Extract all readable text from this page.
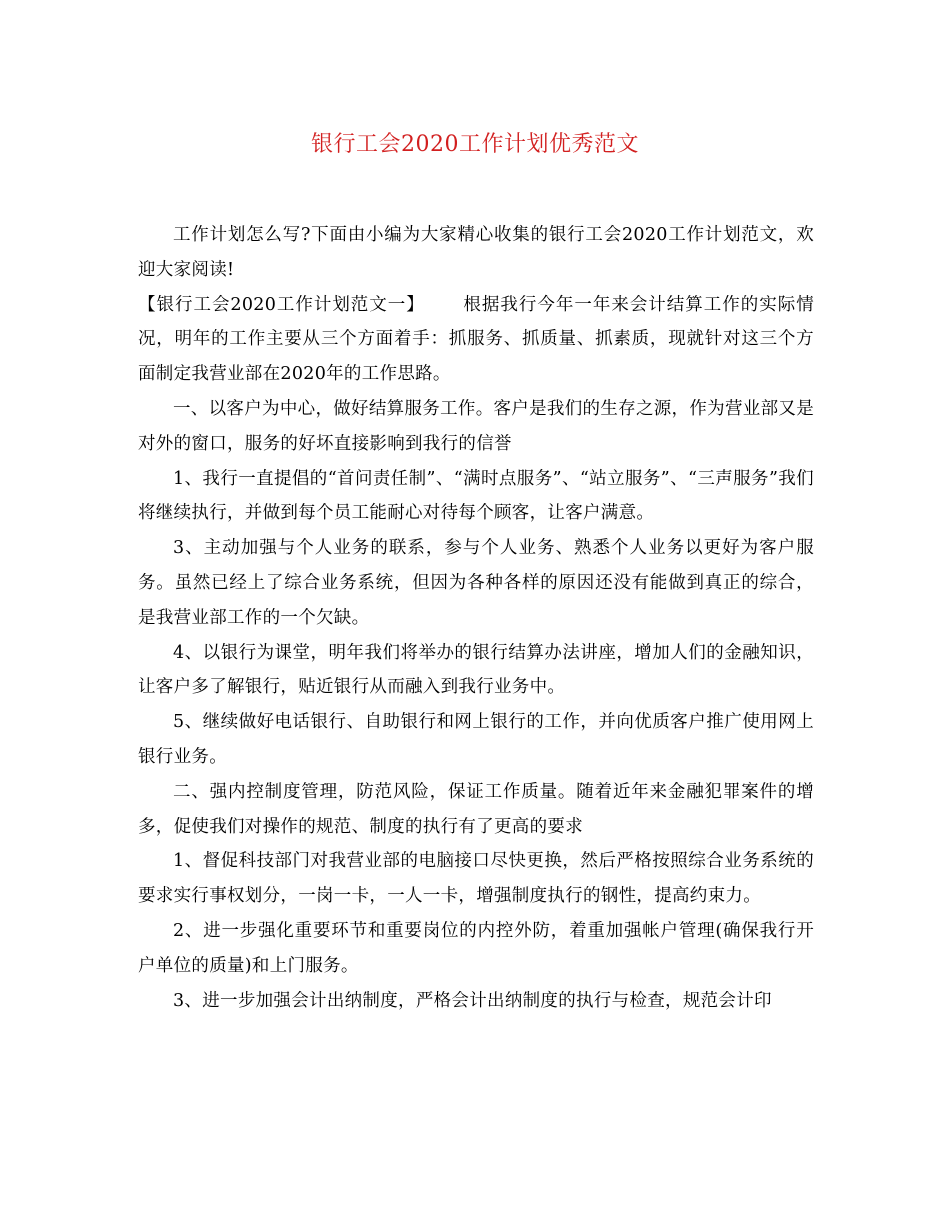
银行工会2020工作计划优秀范文

工作计划怎么写?下面由小编为大家精心收集的银行工会2020工作计划范文，欢迎大家阅读!

【银行工会2020工作计划范文一】 根据我行今年一年来会计结算工作的实际情况，明年的工作主要从三个方面着手：抓服务、抓质量、抓素质，现就针对这三个方面制定我营业部在2020年的工作思路。

一、以客户为中心，做好结算服务工作。客户是我们的生存之源，作为营业部又是对外的窗口，服务的好坏直接影响到我行的信誉

1、我行一直提倡的“首问责任制”、“满时点服务”、“站立服务”、“三声服务”我们将继续执行，并做到每个员工能耐心对待每个顾客，让客户满意。

3、主动加强与个人业务的联系，参与个人业务、熟悉个人业务以更好为客户服务。虽然已经上了综合业务系统，但因为各种各样的原因还没有能做到真正的综合，是我营业部工作的一个欠缺。

4、以银行为课堂，明年我们将举办的银行结算办法讲座，增加人们的金融知识，让客户多了解银行，贴近银行从而融入到我行业务中。

5、继续做好电话银行、自助银行和网上银行的工作，并向优质客户推广使用网上银行业务。

二、强内控制度管理，防范风险，保证工作质量。随着近年来金融犯罪案件的增多，促使我们对操作的规范、制度的执行有了更高的要求

1、督促科技部门对我营业部的电脑接口尽快更换，然后严格按照综合业务系统的要求实行事权划分，一岗一卡，一人一卡，增强制度执行的钢性，提高约束力。

2、进一步强化重要环节和重要岗位的内控外防，着重加强帐户管理(确保我行开户单位的质量)和上门服务。

3、进一步加强会计出纳制度，严格会计出纳制度的执行与检查，规范会计印
